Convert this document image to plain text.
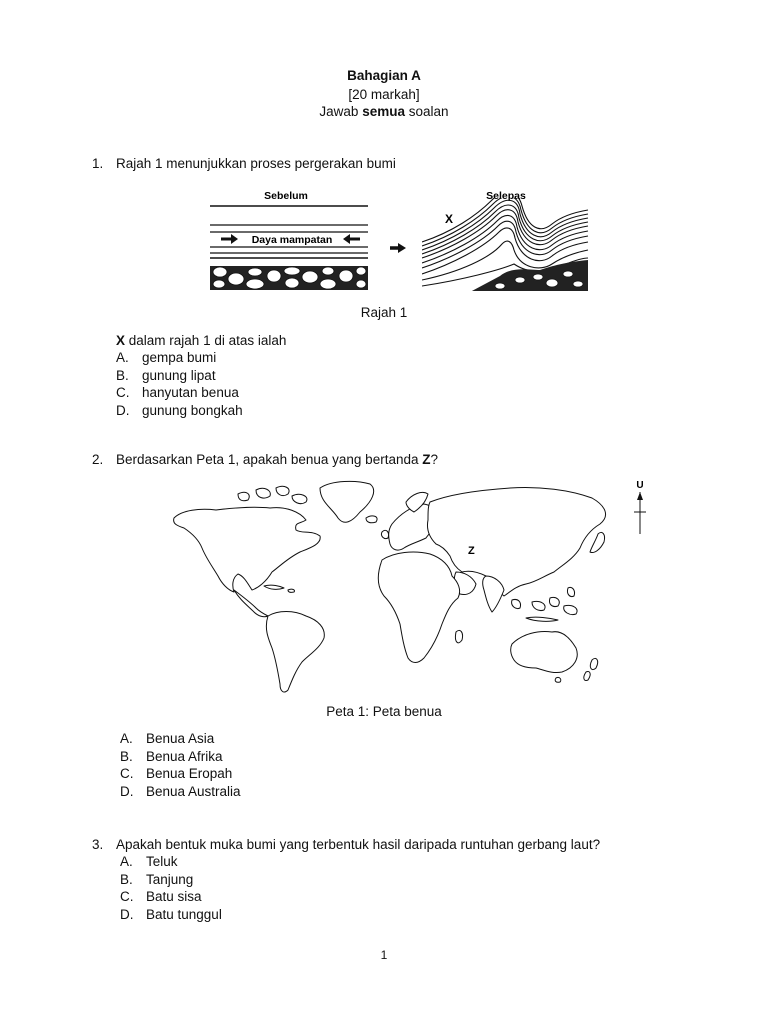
Bahagian A
[20 markah]
Jawab semua soalan
1. Rajah 1 menunjukkan proses pergerakan bumi
Sebelum
Daya mampatan
Selepas
X
Rajah 1
X dalam rajah 1 di atas ialah
A. gempa bumi
B. gunung lipat
C. hanyutan benua
D. gunung bongkah
2. Berdasarkan Peta 1, apakah benua yang bertanda Z?
Z
U
Peta 1: Peta benua
A. Benua Asia
B. Benua Afrika
C. Benua Eropah
D. Benua Australia
3. Apakah bentuk muka bumi yang terbentuk hasil daripada runtuhan gerbang laut?
A. Teluk
B. Tanjung
C. Batu sisa
D. Batu tunggul
1
